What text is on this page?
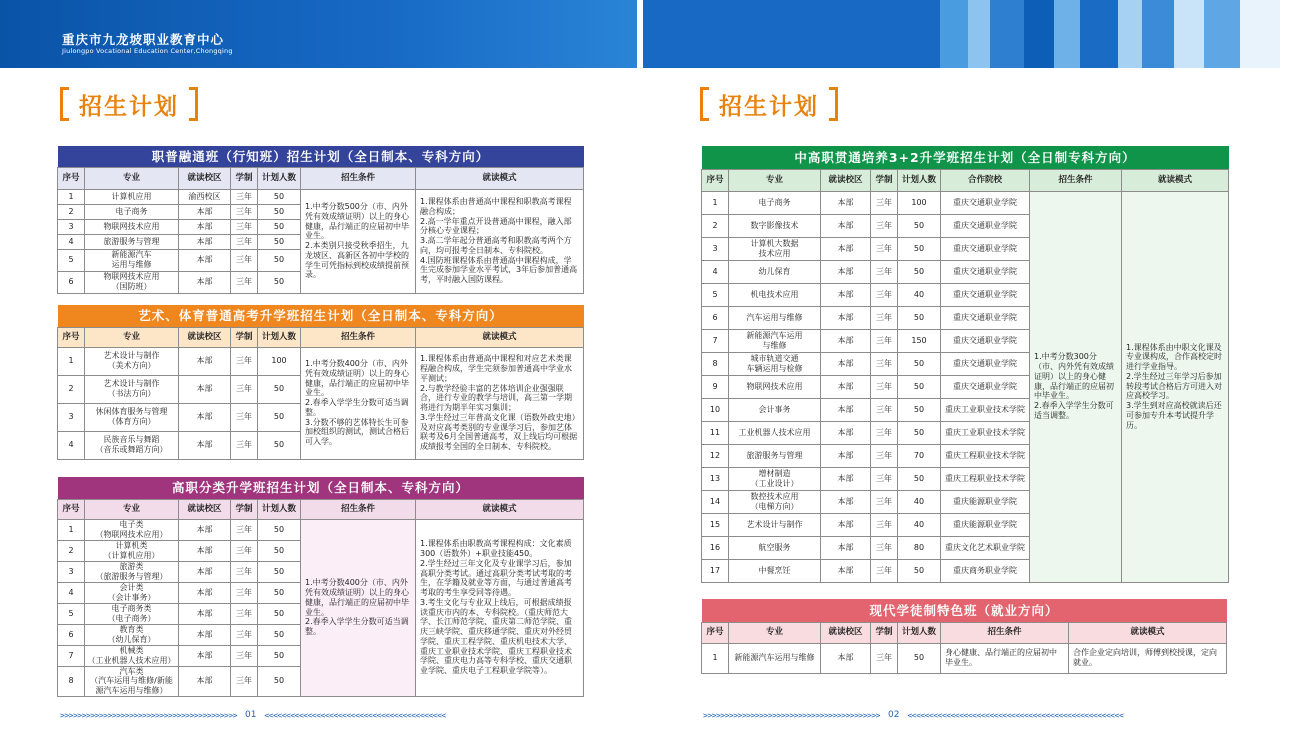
重庆市九龙坡职业教育中心
Jiulongpo Vocational Education Center,Chongqing
招生计划	招生计划
职普融通班（行知班）招生计划（全日制本、专科方向）						
序号	专业	就读校区	学制	计划人数	招生条件	就读模式
1	计算机应用	渝西校区	三年	50	1.中考分数500分（市、内外凭有效成绩证明）以上的身心健康，品行端正的应届初中毕业生。
2.本类别只接受秋季招生，九龙坡区、高新区各初中学校的学生可凭指标到校成绩提前预录。	1.课程体系由普通高中课程和职教高考课程融合构成；
2.高一学年重点开设普通高中课程，融入部分核心专业课程；
3.高二学年起分普通高考和职教高考两个方向，均可报考全日制本、专科院校。
4.国防班课程体系由普通高中课程构成，学生完成参加学业水平考试，3年后参加普通高考，平时融入国防课程。
2	电子商务	本部	三年	50		
3	物联网技术应用	本部	三年	50		
4	旅游服务与管理	本部	三年	50		
5	新能源汽车
运用与维修	本部	三年	50		
6	物联网技术应用
（国防班）	本部	三年	50		
艺术、体育普通高考升学班招生计划（全日制本、专科方向）						
序号	专业	就读校区	学制	计划人数	招生条件	就读模式
1	艺术设计与制作
（美术方向）	本部	三年	100	1.中考分数400分（市、内外凭有效成绩证明）以上的身心健康，品行端正的应届初中毕业生。
2.春季入学学生分数可适当调整。
3.分数不够的艺体特长生可参加校组织的测试，测试合格后可入学。	1.课程体系由普通高中课程和对应艺术类课程融合构成，学生完须参加普通高中学业水平测试；
2.与教学经验丰富的艺体培训企业强强联合，进行专业的教学与培训，高三第一学期将进行为期半年实习集训；
3.学生经过三年普高文化课（语数外政史地）及对应高考类别的专业课学习后，参加艺体联考及6月全国普通高考，双上线后均可根据成绩报考全国的全日制本、专科院校。
2	艺术设计与制作
（书法方向）	本部	三年	50		
3	休闲体育服务与管理
（体育方向）	本部	三年	50		
4	民族音乐与舞蹈
（音乐或舞蹈方向）	本部	三年	50		
高职分类升学班招生计划（全日制本、专科方向）						
序号	专业	就读校区	学制	计划人数	招生条件	就读模式
1	电子类
（物联网技术应用）	本部	三年	50	1.中考分数400分（市、内外凭有效成绩证明）以上的身心健康，品行端正的应届初中毕业生。
2.春季入学学生分数可适当调整。	1.课程体系由职教高考课程构成：文化素质300（语数外）+职业技能450。
2.学生经过三年文化及专业课学习后，参加高职分类考试。通过高职分类考试考取的考生，在学籍及就业等方面，与通过普通高考考取的考生享受同等待遇。
3.考生文化与专业双上线后，可根据成绩报读重庆市内的本、专科院校。（重庆师范大学、长江师范学院、重庆第二师范学院、重庆三峡学院、重庆移通学院、重庆对外经贸学院、重庆工程学院、重庆机电技术大学、重庆工业职业技术学院、重庆工程职业技术学院、重庆电力高等专科学校、重庆交通职业学院、重庆电子工程职业学院等）。
2	计算机类
（计算机应用）	本部	三年	50		
3	旅游类
（旅游服务与管理）	本部	三年	50		
4	会计类
（会计事务）	本部	三年	50		
5	电子商务类
（电子商务）	本部	三年	50		
6	教育类
（幼儿保育）	本部	三年	50		
7	机械类
（工业机器人技术应用）	本部	三年	50		
8	汽车类
（汽车运用与维修/新能源汽车运用与维修）	本部	三年	50		
中高职贯通培养3+2升学班招生计划（全日制专科方向）							
序号	专业	就读校区	学制	计划人数	合作院校	招生条件	就读模式
1	电子商务	本部	三年	100	重庆交通职业学院	1.中考分数300分（市、内外凭有效成绩证明）以上的身心健康，品行端正的应届初中毕业生。
2.春季入学学生分数可适当调整。	1.课程体系由中职文化课及专业课构成，合作高校定时进行学业指导。
2.学生经过三年学习后参加转段考试合格后方可进入对应高校学习。
3.学生到对应高校就读后还可参加专升本考试提升学历。
2	数字影像技术	本部	三年	50	重庆交通职业学院		
3	计算机大数据
技术应用	本部	三年	50	重庆交通职业学院		
4	幼儿保育	本部	三年	50	重庆交通职业学院		
5	机电技术应用	本部	三年	40	重庆交通职业学院		
6	汽车运用与维修	本部	三年	50	重庆交通职业学院		
7	新能源汽车运用
与维修	本部	三年	150	重庆交通职业学院		
8	城市轨道交通
车辆运用与检修	本部	三年	50	重庆交通职业学院		
9	物联网技术应用	本部	三年	50	重庆交通职业学院		
10	会计事务	本部	三年	50	重庆工业职业技术学院		
11	工业机器人技术应用	本部	三年	50	重庆工业职业技术学院		
12	旅游服务与管理	本部	三年	70	重庆工程职业技术学院		
13	增材制造
（工业设计）	本部	三年	50	重庆工程职业技术学院		
14	数控技术应用
（电梯方向）	本部	三年	40	重庆能源职业学院		
15	艺术设计与制作	本部	三年	40	重庆能源职业学院		
16	航空服务	本部	三年	80	重庆文化艺术职业学院		
17	中餐烹饪	本部	三年	50	重庆商务职业学院		
现代学徒制特色班（就业方向）						
序号	专业	就读校区	学制	计划人数	招生条件	就读模式
1	新能源汽车运用与维修	本部	三年	50	身心健康、品行端正的应届初中毕业生。	合作企业定向培训，师傅到校授课，定向就业。
>>>>>>>>>>>>>>>>>>>>>>>>>>>>>>>>>>>>>>>>> 01 <<<<<<<<<<<<<<<<<<<<<<<<<<<<<<<<<<<<<<<<<<	>>>>>>>>>>>>>>>>>>>>>>>>>>>>>>>>>>>>>>>>> 02 <<<<<<<<<<<<<<<<<<<<<<<<<<<<<<<<<<<<<<<<<<<<<<<<<<
